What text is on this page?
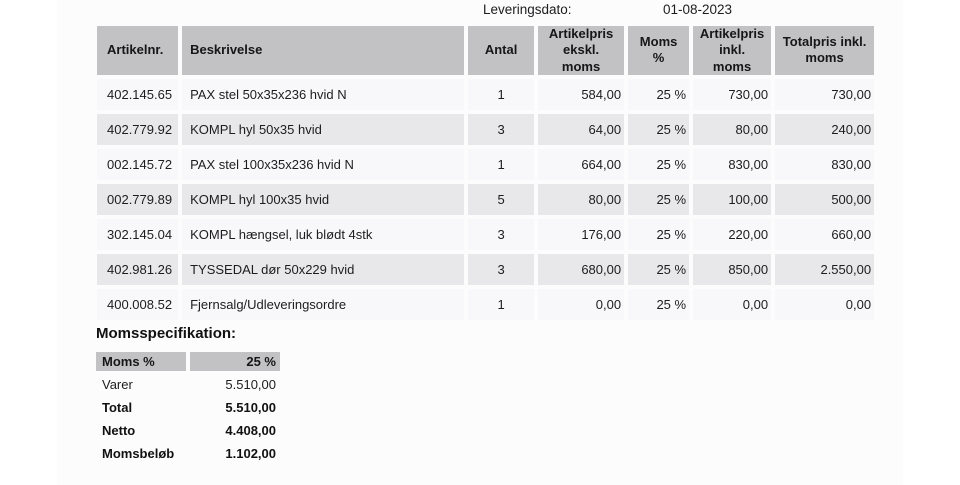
Leveringsdato:	01-08-2023
Artikelnr.	Beskrivelse	Antal	Artikelpris ekskl. moms	Moms %	Artikelpris inkl. moms	Totalpris inkl. moms
402.145.65	PAX stel 50x35x236 hvid N	1	584,00	25 %	730,00	730,00
402.779.92	KOMPL hyl 50x35 hvid	3	64,00	25 %	80,00	240,00
002.145.72	PAX stel 100x35x236 hvid N	1	664,00	25 %	830,00	830,00
002.779.89	KOMPL hyl 100x35 hvid	5	80,00	25 %	100,00	500,00
302.145.04	KOMPL hængsel, luk blødt 4stk	3	176,00	25 %	220,00	660,00
402.981.26	TYSSEDAL dør 50x229 hvid	3	680,00	25 %	850,00	2.550,00
400.008.52	Fjernsalg/Udleveringsordre	1	0,00	25 %	0,00	0,00
Momsspecifikation:
Moms %	25 %
Varer	5.510,00
Total	5.510,00
Netto	4.408,00
Momsbeløb	1.102,00
